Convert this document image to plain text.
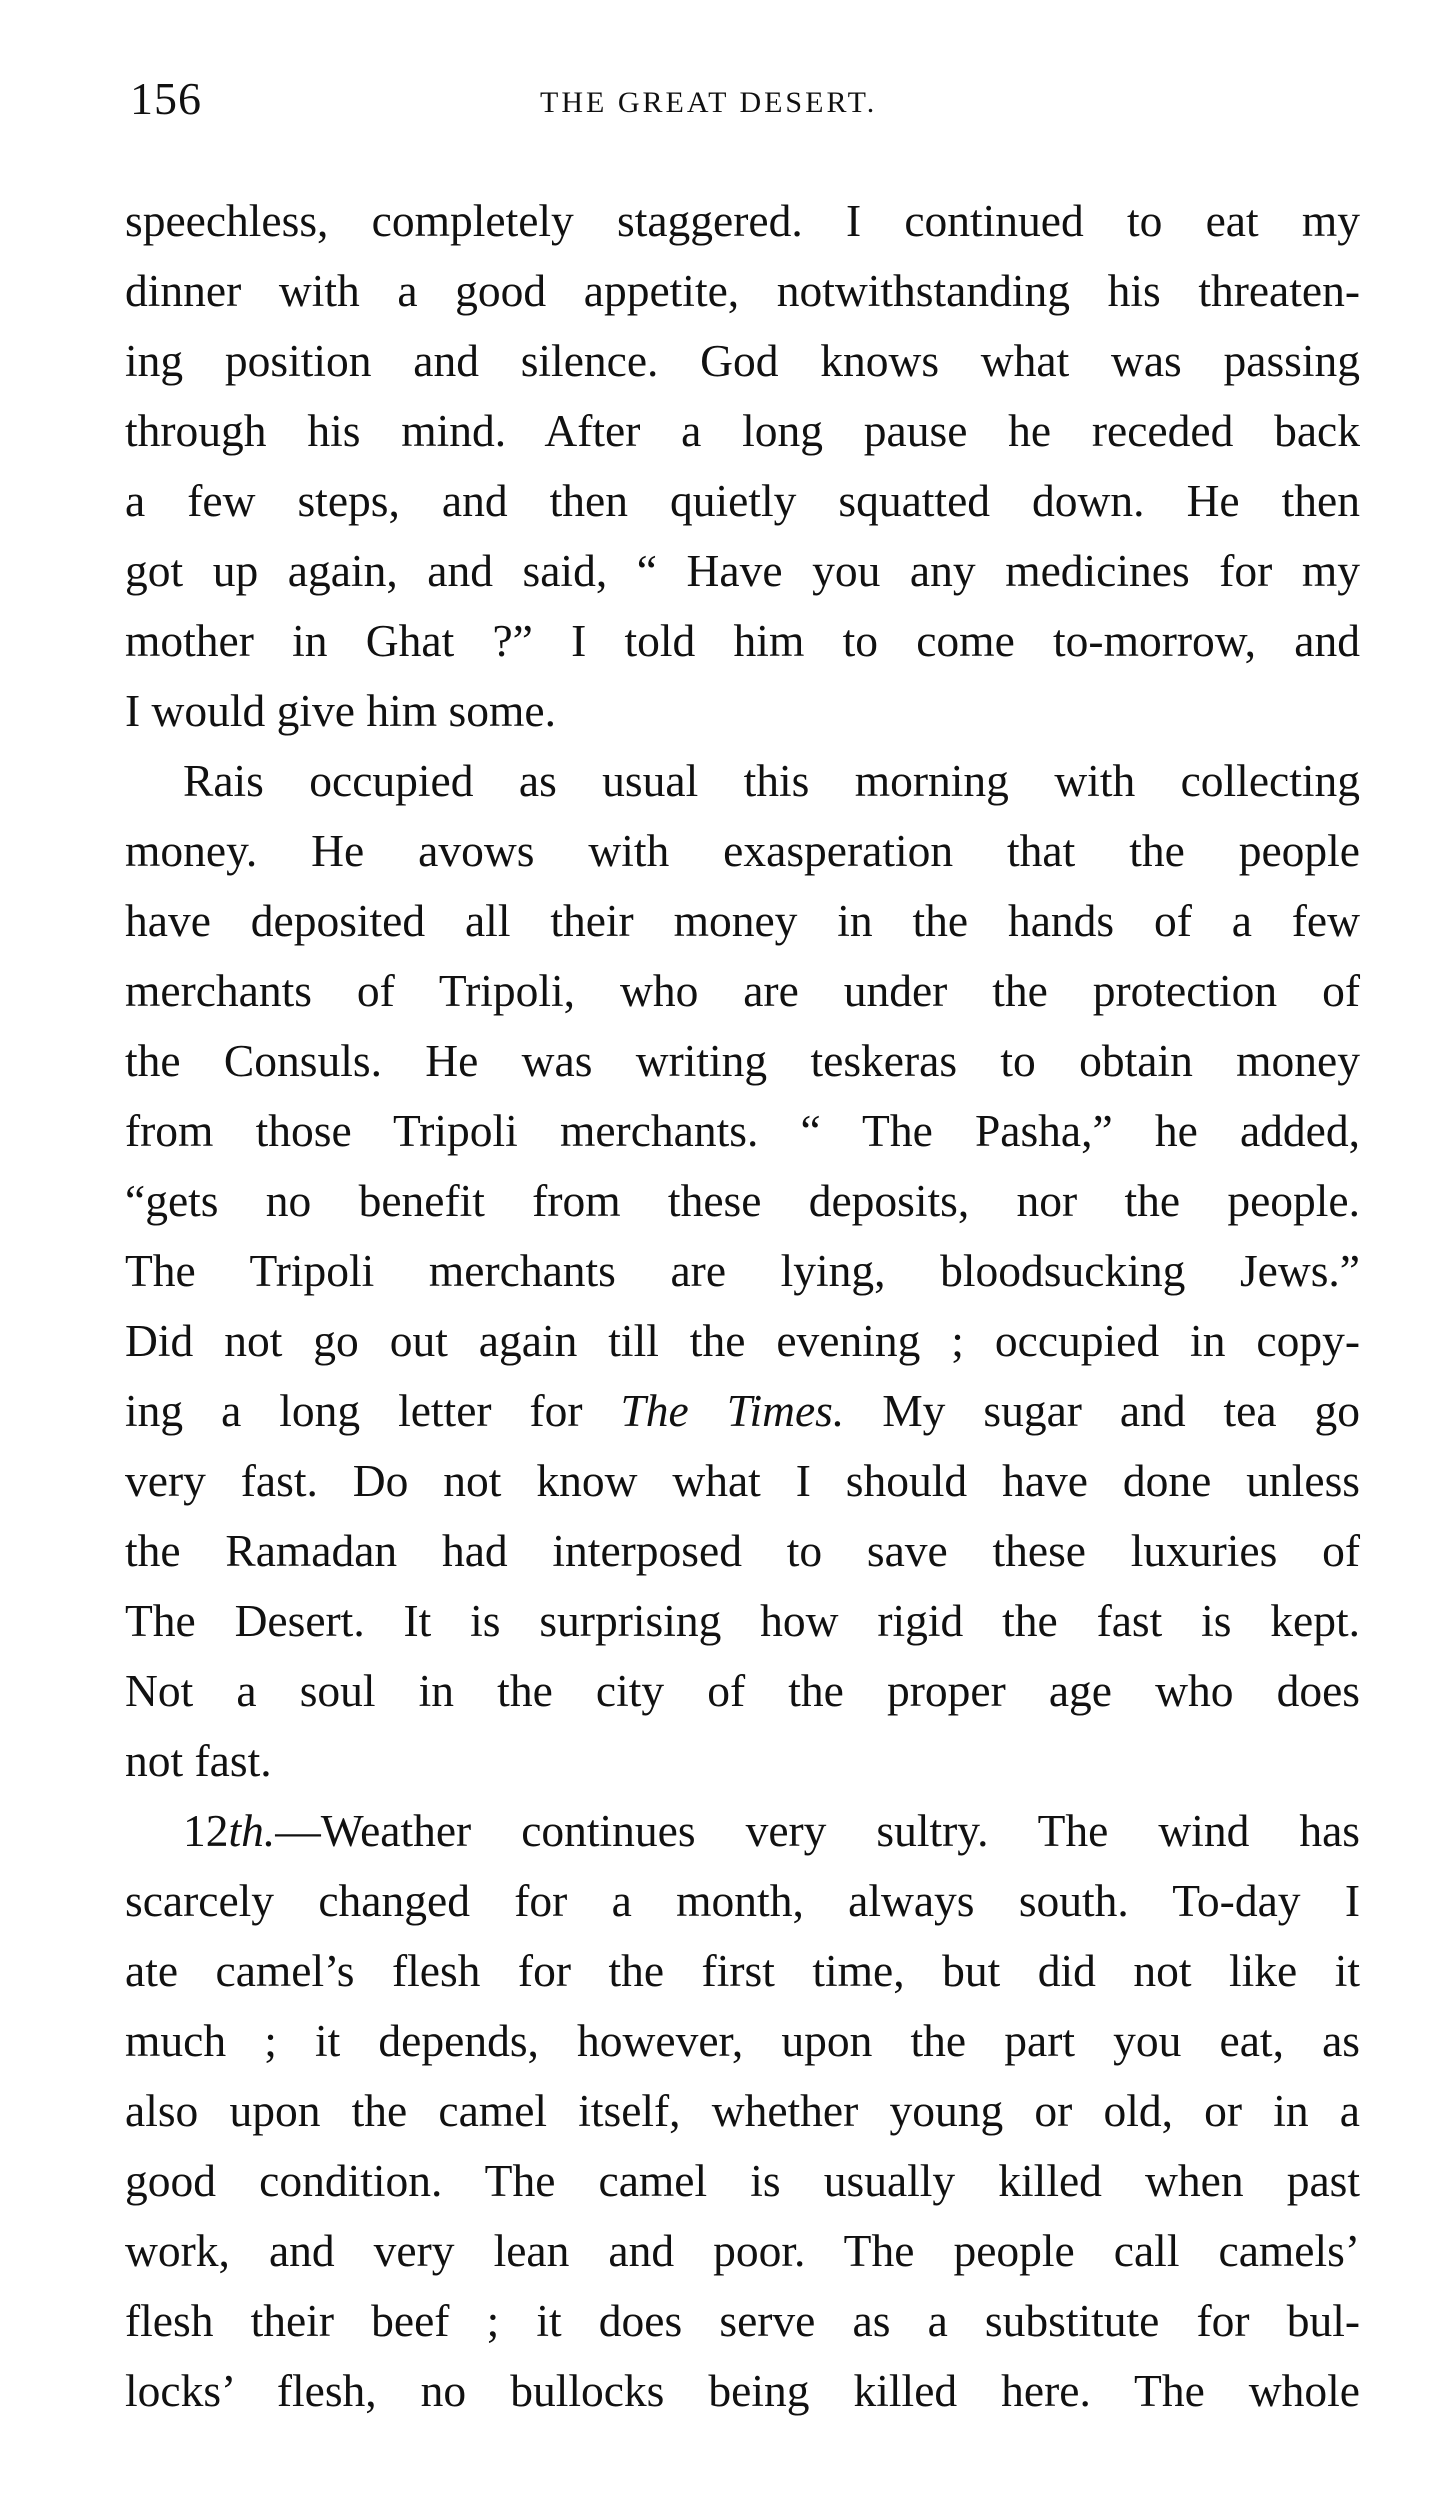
156	THE GREAT DESERT.
speechless, completely staggered. I continued to eat my
dinner with a good appetite, notwithstanding his threaten-
ing position and silence. God knows what was passing
through his mind. After a long pause he receded back
a few steps, and then quietly squatted down. He then
got up again, and said, “ Have you any medicines for my
mother in Ghat ?” I told him to come to-morrow, and
I would give him some.
Rais occupied as usual this morning with collecting
money. He avows with exasperation that the people
have deposited all their money in the hands of a few
merchants of Tripoli, who are under the protection of
the Consuls. He was writing teskeras to obtain money
from those Tripoli merchants. “ The Pasha,” he added,
“gets no benefit from these deposits, nor the people.
The Tripoli merchants are lying, bloodsucking Jews.”
Did not go out again till the evening ; occupied in copy-
ing a long letter for The Times. My sugar and tea go
very fast. Do not know what I should have done unless
the Ramadan had interposed to save these luxuries of
The Desert. It is surprising how rigid the fast is kept.
Not a soul in the city of the proper age who does
not fast.
12th.—Weather continues very sultry. The wind has
scarcely changed for a month, always south. To-day I
ate camel’s flesh for the first time, but did not like it
much ; it depends, however, upon the part you eat, as
also upon the camel itself, whether young or old, or in a
good condition. The camel is usually killed when past
work, and very lean and poor. The people call camels’
flesh their beef ; it does serve as a substitute for bul-
locks’ flesh, no bullocks being killed here. The whole
